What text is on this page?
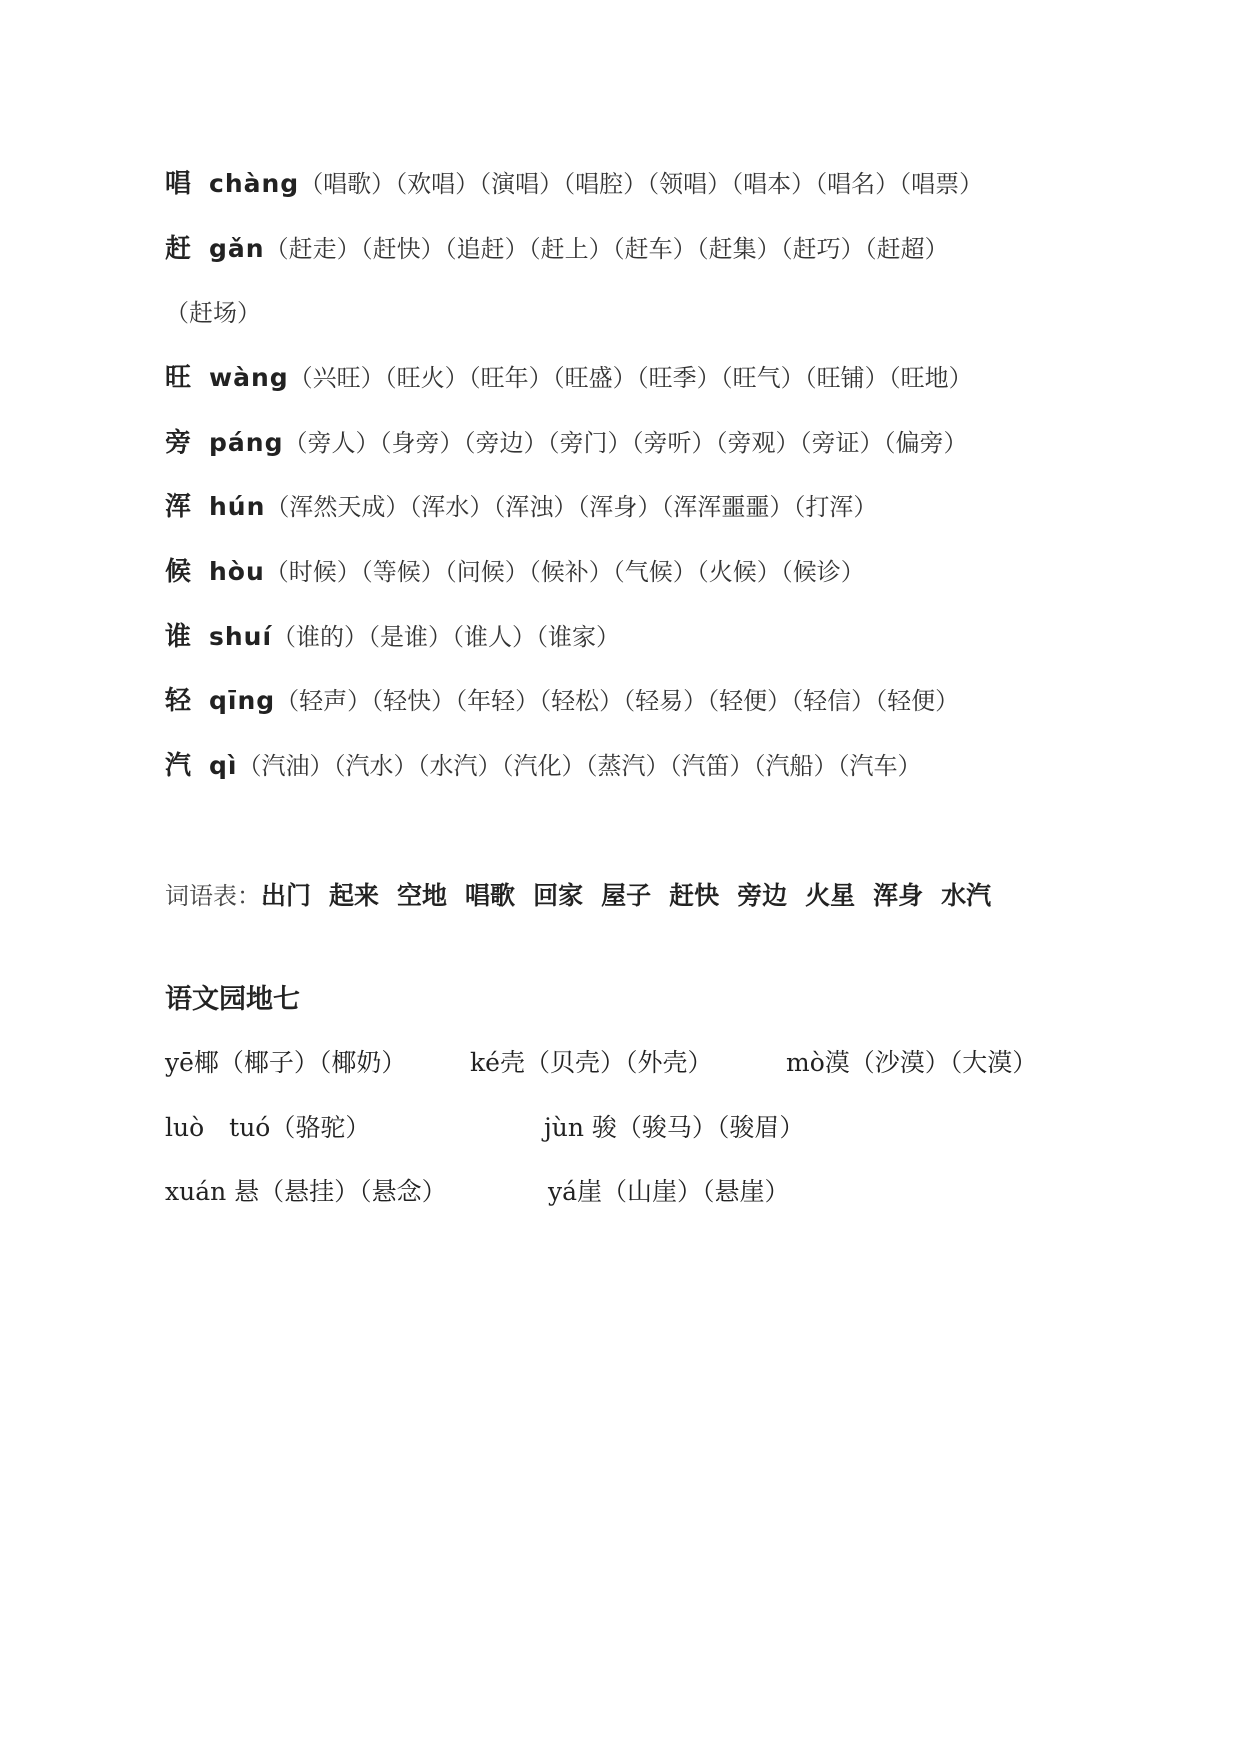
唱 chàng（唱歌）（欢唱）（演唱）（唱腔）（领唱）（唱本）（唱名）（唱票）
赶 gǎn（赶走）（赶快）（追赶）（赶上）（赶车）（赶集）（赶巧）（赶超）
（赶场）
旺 wàng（兴旺）（旺火）（旺年）（旺盛）（旺季）（旺气）（旺铺）（旺地）
旁 páng（旁人）（身旁）（旁边）（旁门）（旁听）（旁观）（旁证）（偏旁）
浑 hún（浑然天成）（浑水）（浑浊）（浑身）（浑浑噩噩）（打浑）
候 hòu（时候）（等候）（问候）（候补）（气候）（火候）（候诊）
谁 shuí（谁的）（是谁）（谁人）（谁家）
轻 qīng（轻声）（轻快）（年轻）（轻松）（轻易）（轻便）（轻信）（轻便）
汽 qì（汽油）（汽水）（水汽）（汽化）（蒸汽）（汽笛）（汽船）（汽车）
词语表：出门 起来 空地 唱歌 回家 屋子 赶快 旁边 火星 浑身 水汽
语文园地七
yē椰（椰子）（椰奶）	ké壳（贝壳）（外壳）	mò漠（沙漠）（大漠）
luò　tuó（骆驼）	jùn 骏（骏马）（骏眉）
xuán 悬（悬挂）（悬念）	yá崖（山崖）（悬崖）
